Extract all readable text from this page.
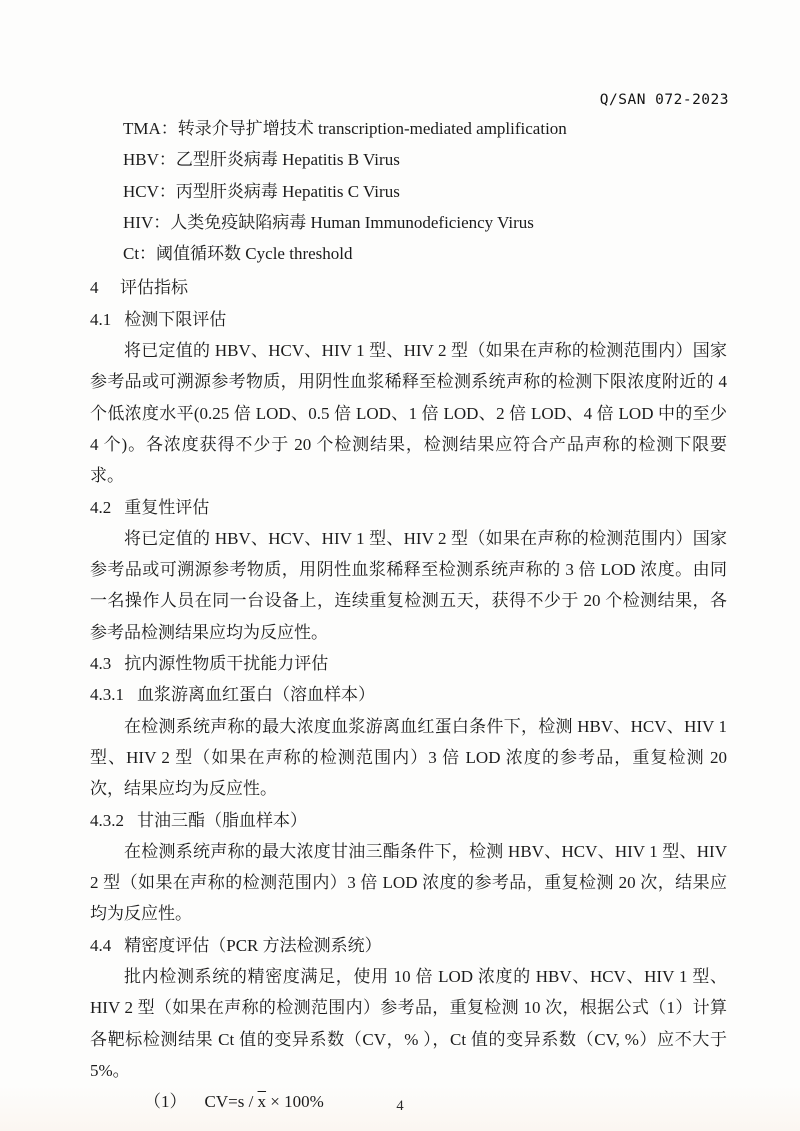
Q/SAN 072-2023
TMA：转录介导扩增技术 transcription-mediated amplification
HBV：乙型肝炎病毒 Hepatitis B Virus
HCV：丙型肝炎病毒 Hepatitis C Virus
HIV：人类免疫缺陷病毒 Human Immunodeficiency Virus
Ct：阈值循环数 Cycle threshold
4 评估指标
4.1 检测下限评估

将已定值的 HBV、HCV、HIV 1 型、HIV 2 型（如果在声称的检测范围内）国家参考品或可溯源参考物质，用阴性血浆稀释至检测系统声称的检测下限浓度附近的 4 个低浓度水平(0.25 倍 LOD、0.5 倍 LOD、1 倍 LOD、2 倍 LOD、4 倍 LOD 中的至少 4 个)。各浓度获得不少于 20 个检测结果，检测结果应符合产品声称的检测下限要求。

4.2 重复性评估

将已定值的 HBV、HCV、HIV 1 型、HIV 2 型（如果在声称的检测范围内）国家参考品或可溯源参考物质，用阴性血浆稀释至检测系统声称的 3 倍 LOD 浓度。由同一名操作人员在同一台设备上，连续重复检测五天，获得不少于 20 个检测结果，各参考品检测结果应均为反应性。

4.3 抗内源性物质干扰能力评估
4.3.1 血浆游离血红蛋白（溶血样本）

在检测系统声称的最大浓度血浆游离血红蛋白条件下，检测 HBV、HCV、HIV 1 型、HIV 2 型（如果在声称的检测范围内）3 倍 LOD 浓度的参考品，重复检测 20 次，结果应均为反应性。

4.3.2 甘油三酯（脂血样本）

在检测系统声称的最大浓度甘油三酯条件下，检测 HBV、HCV、HIV 1 型、HIV 2 型（如果在声称的检测范围内）3 倍 LOD 浓度的参考品，重复检测 20 次，结果应均为反应性。

4.4 精密度评估（PCR 方法检测系统）

批内检测系统的精密度满足，使用 10 倍 LOD 浓度的 HBV、HCV、HIV 1 型、HIV 2 型（如果在声称的检测范围内）参考品，重复检测 10 次，根据公式（1）计算各靶标检测结果 Ct 值的变异系数（CV，% ），Ct 值的变异系数（CV, %）应不大于 5%。

（1） $CV=s / \overline{x} \times 100\%$	4
